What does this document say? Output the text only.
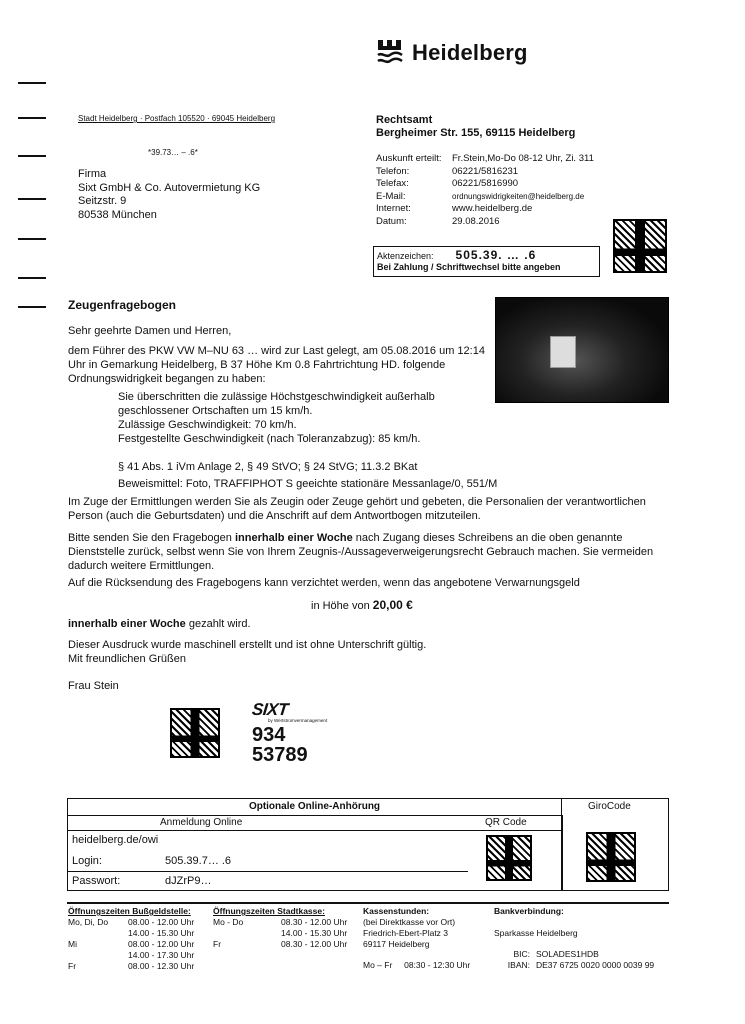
Heidelberg
Stadt Heidelberg · Postfach 105520 · 69045 Heidelberg
*39.73… – .6*
Firma
Sixt GmbH & Co. Autovermietung KG
Seitzstr. 9
80538 München
Rechtsamt
Bergheimer Str. 155, 69115 Heidelberg
Auskunft erteilt:	Fr.Stein,Mo-Do 08-12 Uhr, Zi. 311
Telefon:	06221/5816231
Telefax:	06221/5816990
E-Mail:	ordnungswidrigkeiten@heidelberg.de
Internet:	www.heidelberg.de
Datum:	29.08.2016
Aktenzeichen: 505.39. … .6
Bei Zahlung / Schriftwechsel bitte angeben
Zeugenfragebogen
Sehr geehrte Damen und Herren,
dem Führer des PKW VW M–NU 63 … wird zur Last gelegt, am 05.08.2016 um 12:14 Uhr in Gemarkung Heidelberg, B 37 Höhe Km 0.8 Fahrtrichtung HD. folgende Ordnungswidrigkeit begangen zu haben:
Sie überschritten die zulässige Höchstgeschwindigkeit außerhalb geschlossener Ortschaften um 15 km/h.
Zulässige Geschwindigkeit: 70 km/h.
Festgestellte Geschwindigkeit (nach Toleranzabzug): 85 km/h.
§ 41 Abs. 1 iVm Anlage 2, § 49 StVO; § 24 StVG; 11.3.2 BKat
Beweismittel: Foto, TRAFFIPHOT S geeichte stationäre Messanlage/0, 551/M
Im Zuge der Ermittlungen werden Sie als Zeugin oder Zeuge gehört und gebeten, die Personalien der verantwortlichen Person (auch die Geburtsdaten) und die Anschrift auf dem Antwortbogen mitzuteilen.
Bitte senden Sie den Fragebogen innerhalb einer Woche nach Zugang dieses Schreibens an die oben genannte Dienststelle zurück, selbst wenn Sie von Ihrem Zeugnis-/Aussageverweigerungsrecht Gebrauch machen. Sie vermeiden dadurch weitere Ermittlungen.
Auf die Rücksendung des Fragebogens kann verzichtet werden, wenn das angebotene Verwarnungsgeld
in Höhe von 20,00 €
innerhalb einer Woche gezahlt wird.
Dieser Ausdruck wurde maschinell erstellt und ist ohne Unterschrift gültig.
Mit freundlichen Grüßen
Frau Stein
SIXT
by Wertstromvermanagement
934
53789
Optionale Online-Anhörung	GiroCode
Anmeldung Online	QR Code
heidelberg.de/owi
Login:	505.39.7… .6
Passwort:	dJZrP9…
Öffnungszeiten Bußgeldstelle:
Mo, Di, Do	08.00 - 12.00 Uhr
14.00 - 15.30 Uhr
Mi	08.00 - 12.00 Uhr
14.00 - 17.30 Uhr
Fr	08.00 - 12.30 Uhr
Öffnungszeiten Stadtkasse:
Mo - Do	08.30 - 12.00 Uhr
14.00 - 15.30 Uhr
Fr	08.30 - 12.00 Uhr
Kassenstunden:
(bei Direktkasse vor Ort)
Friedrich-Ebert-Platz 3
69117 Heidelberg
Mo – Fr     08:30 - 12:30 Uhr
Bankverbindung:
Sparkasse Heidelberg
BIC: SOLADES1HDB
IBAN: DE37 6725 0020 0000 0039 99
